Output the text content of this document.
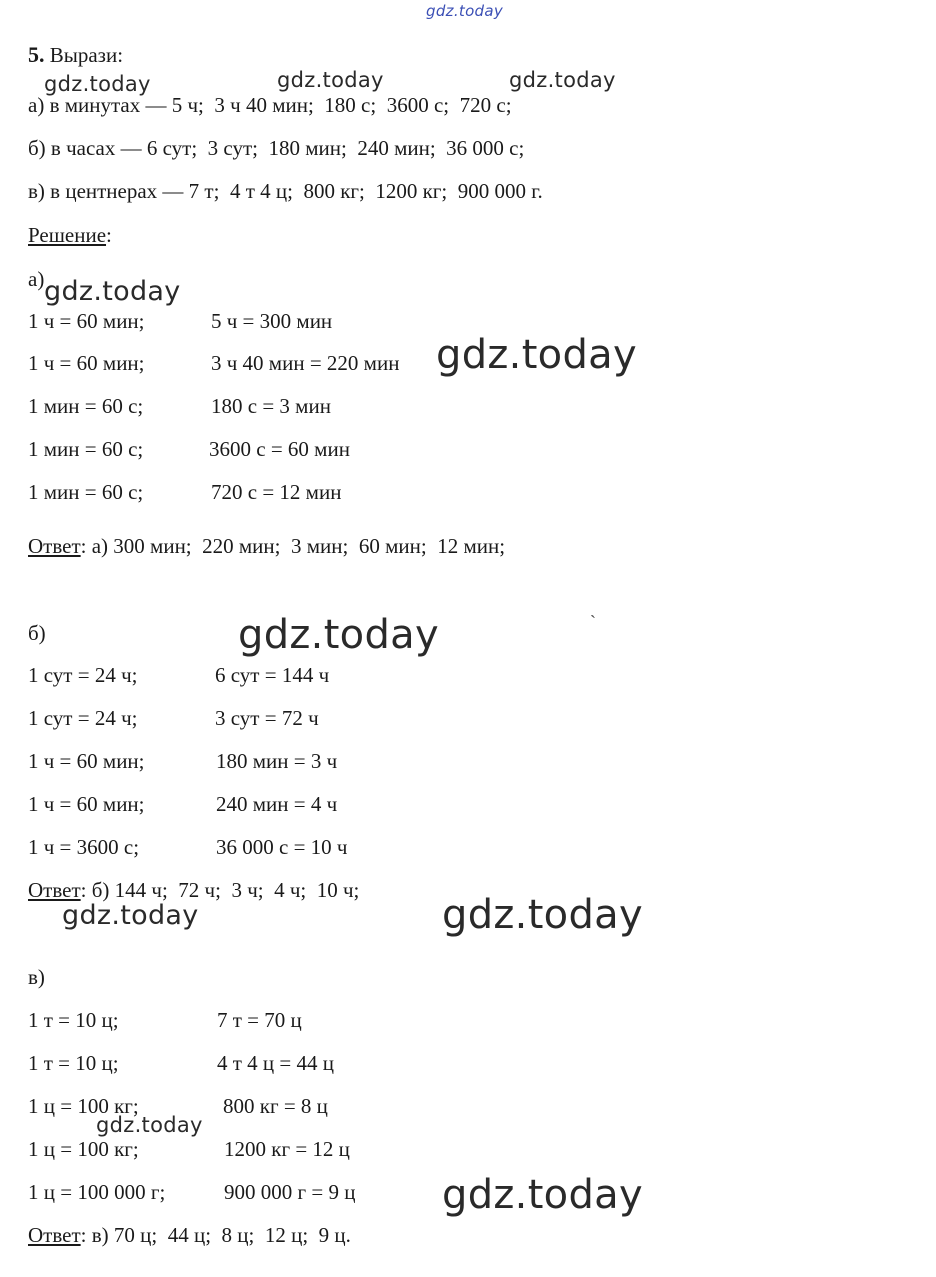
gdz.today
5. Вырази:
а) в минутах — 5 ч;  3 ч 40 мин;  180 с;  3600 с;  720 с;
б) в часах — 6 сут;  3 сут;  180 мин;  240 мин;  36 000 с;
в) в центнерах — 7 т;  4 т 4 ц;  800 кг;  1200 кг;  900 000 г.
Решение:
а)
1 ч = 60 мин;	5 ч = 300 мин
1 ч = 60 мин;	3 ч 40 мин = 220 мин
1 мин = 60 с;	180 с = 3 мин
1 мин = 60 с;	3600 с = 60 мин
1 мин = 60 с;	720 с = 12 мин
Ответ: а) 300 мин;  220 мин;  3 мин;  60 мин;  12 мин;
б)
1 сут = 24 ч;	6 сут = 144 ч
1 сут = 24 ч;	3 сут = 72 ч
1 ч = 60 мин;	180 мин = 3 ч
1 ч = 60 мин;	240 мин = 4 ч
1 ч = 3600 с;	36 000 с = 10 ч
Ответ: б) 144 ч;  72 ч;  3 ч;  4 ч;  10 ч;
в)
1 т = 10 ц;	7 т = 70 ц
1 т = 10 ц;	4 т 4 ц = 44 ц
1 ц = 100 кг;	800 кг = 8 ц
1 ц = 100 кг;	1200 кг = 12 ц
1 ц = 100 000 г;	900 000 г = 9 ц
Ответ: в) 70 ц;  44 ц;  8 ц;  12 ц;  9 ц.
gdz.today	gdz.today	gdz.today
gdz.today
gdz.today
gdz.today
gdz.today	gdz.today
gdz.today
gdz.today
`
